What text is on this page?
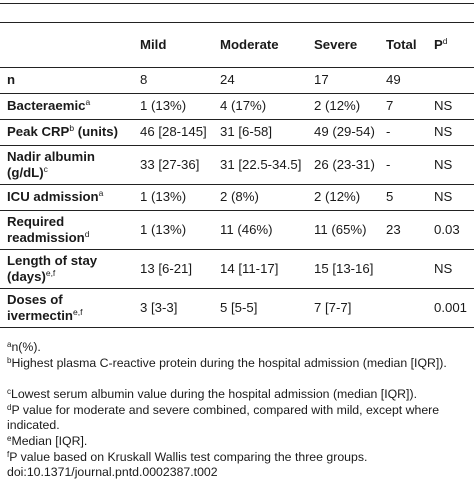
	Mild	Moderate	Severe	Total	$P^d$
n	8	24	17	49	
Bacteraemic$^a$	1 (13%)	4 (17%)	2 (12%)	7	NS
Peak CRP$^b$ (units)	46 [28-145]	31 [6-58]	49 (29-54)	-	NS
Nadir albumin $(g/dL)^c$	33 [27-36]	31 [22.5-34.5]	26 (23-31)	-	NS
ICU admission$^a$	1 (13%)	2 (8%)	2 (12%)	5	NS
Required readmission$^d$	1 (13%)	11 (46%)	11 (65%)	23	0.03
Length of stay (days)$^{e,f}$	13 [6-21]	14 [11-17]	15 [13-16]		NS
Doses of ivermectin$^{e,f}$	3 [3-3]	5 [5-5]	7 [7-7]		0.001
$^a$n(%).
$^b$Highest plasma C-reactive protein during the hospital admission (median [IQR]).
$^c$Lowest serum albumin value during the hospital admission (median [IQR]).
$^d$P value for moderate and severe combined, compared with mild, except where indicated.
$^e$Median [IQR].
$^f$P value based on Kruskall Wallis test comparing the three groups.
doi:10.1371/journal.pntd.0002387.t002
